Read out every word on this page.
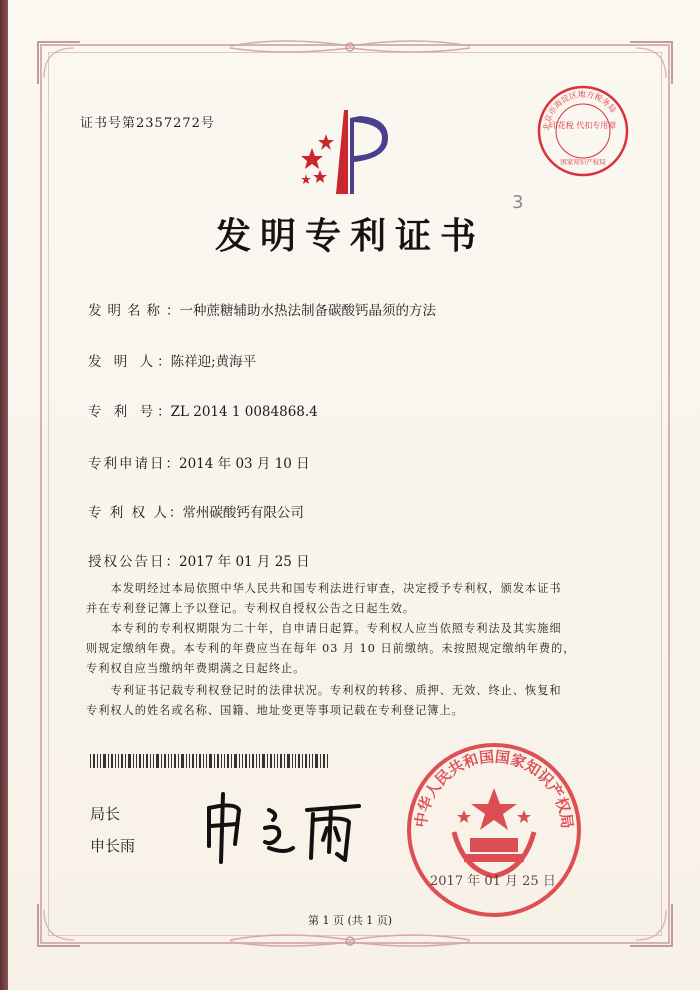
证书号第2357272号	北京市海淀区地方税务局
印花税 代扣专用章
国家知识产权局
3
发明专利证书
发明名称：一种蔗糖辅助水热法制备碳酸钙晶须的方法
发 明 人：陈祥迎;黄海平
专 利 号：ZL 2014 1 0084868.4
专利申请日：2014 年 03 月 10 日
专 利 权 人：常州碳酸钙有限公司
授权公告日：2017 年 01 月 25 日
本发明经过本局依照中华人民共和国专利法进行审查，决定授予专利权，颁发本证书
并在专利登记簿上予以登记。专利权自授权公告之日起生效。
本专利的专利权期限为二十年，自申请日起算。专利权人应当依照专利法及其实施细
则规定缴纳年费。本专利的年费应当在每年 03 月 10 日前缴纳。未按照规定缴纳年费的，
专利权自应当缴纳年费期满之日起终止。
专利证书记载专利权登记时的法律状况。专利权的转移、质押、无效、终止、恢复和
专利权人的姓名或名称、国籍、地址变更等事项记载在专利登记簿上。
局长
申长雨
中华人民共和国国家知识产权局
2017 年 01 月 25 日
第 1 页 (共 1 页)
